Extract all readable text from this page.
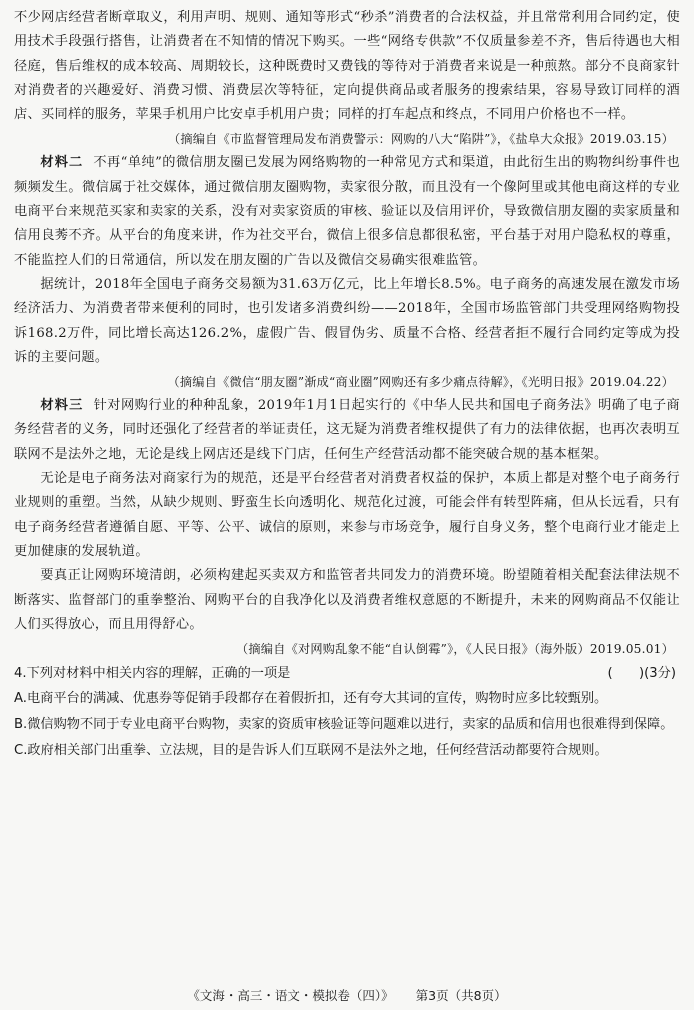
不少网店经营者断章取义，利用声明、规则、通知等形式“秒杀”消费者的合法权益，并且常常利用合同约定，使用技术手段强行搭售，让消费者在不知情的情况下购买。一些“网络专供款”不仅质量参差不齐，售后待遇也大相径庭，售后维权的成本较高、周期较长，这种既费时又费钱的等待对于消费者来说是一种煎熬。部分不良商家针对消费者的兴趣爱好、消费习惯、消费层次等特征，定向提供商品或者服务的搜索结果，容易导致订同样的酒店、买同样的服务，苹果手机用户比安卓手机用户贵；同样的打车起点和终点，不同用户价格也不一样。

（摘编自《市监督管理局发布消费警示：网购的八大“陷阱”》，《盐阜大众报》2019.03.15）

材料二 不再“单纯”的微信朋友圈已发展为网络购物的一种常见方式和渠道，由此衍生出的购物纠纷事件也频频发生。微信属于社交媒体，通过微信朋友圈购物，卖家很分散，而且没有一个像阿里或其他电商这样的专业电商平台来规范买家和卖家的关系，没有对卖家资质的审核、验证以及信用评价，导致微信朋友圈的卖家质量和信用良莠不齐。从平台的角度来讲，作为社交平台，微信上很多信息都很私密，平台基于对用户隐私权的尊重，不能监控人们的日常通信，所以发在朋友圈的广告以及微信交易确实很难监管。

据统计，2018年全国电子商务交易额为31.63万亿元，比上年增长8.5%。电子商务的高速发展在激发市场经济活力、为消费者带来便利的同时，也引发诸多消费纠纷——2018年，全国市场监管部门共受理网络购物投诉168.2万件，同比增长高达126.2%，虚假广告、假冒伪劣、质量不合格、经营者拒不履行合同约定等成为投诉的主要问题。

（摘编自《微信“朋友圈”渐成“商业圈”网购还有多少痛点待解》，《光明日报》2019.04.22）

材料三 针对网购行业的种种乱象，2019年1月1日起实行的《中华人民共和国电子商务法》明确了电子商务经营者的义务，同时还强化了经营者的举证责任，这无疑为消费者维权提供了有力的法律依据，也再次表明互联网不是法外之地，无论是线上网店还是线下门店，任何生产经营活动都不能突破合规的基本框架。

无论是电子商务法对商家行为的规范，还是平台经营者对消费者权益的保护，本质上都是对整个电子商务行业规则的重塑。当然，从缺少规则、野蛮生长向透明化、规范化过渡，可能会伴有转型阵痛，但从长远看，只有电子商务经营者遵循自愿、平等、公平、诚信的原则，来参与市场竞争，履行自身义务，整个电商行业才能走上更加健康的发展轨道。

要真正让网购环境清朗，必须构建起买卖双方和监管者共同发力的消费环境。盼望随着相关配套法律法规不断落实、监督部门的重拳整治、网购平台的自我净化以及消费者维权意愿的不断提升，未来的网购商品不仅能让人们买得放心，而且用得舒心。

（摘编自《对网购乱象不能“自认倒霉”》，《人民日报》（海外版）2019.05.01）

4.下列对材料中相关内容的理解，正确的一项是	(　　)(3分)

A.电商平台的满减、优惠券等促销手段都存在着假折扣，还有夸大其词的宣传，购物时应多比较甄别。

B.微信购物不同于专业电商平台购物，卖家的资质审核验证等问题难以进行，卖家的品质和信用也很难得到保障。

C.政府相关部门出重拳、立法规，目的是告诉人们互联网不是法外之地，任何经营活动都要符合规则。

《文海・高三・语文・模拟卷（四）》 第3页（共8页）
